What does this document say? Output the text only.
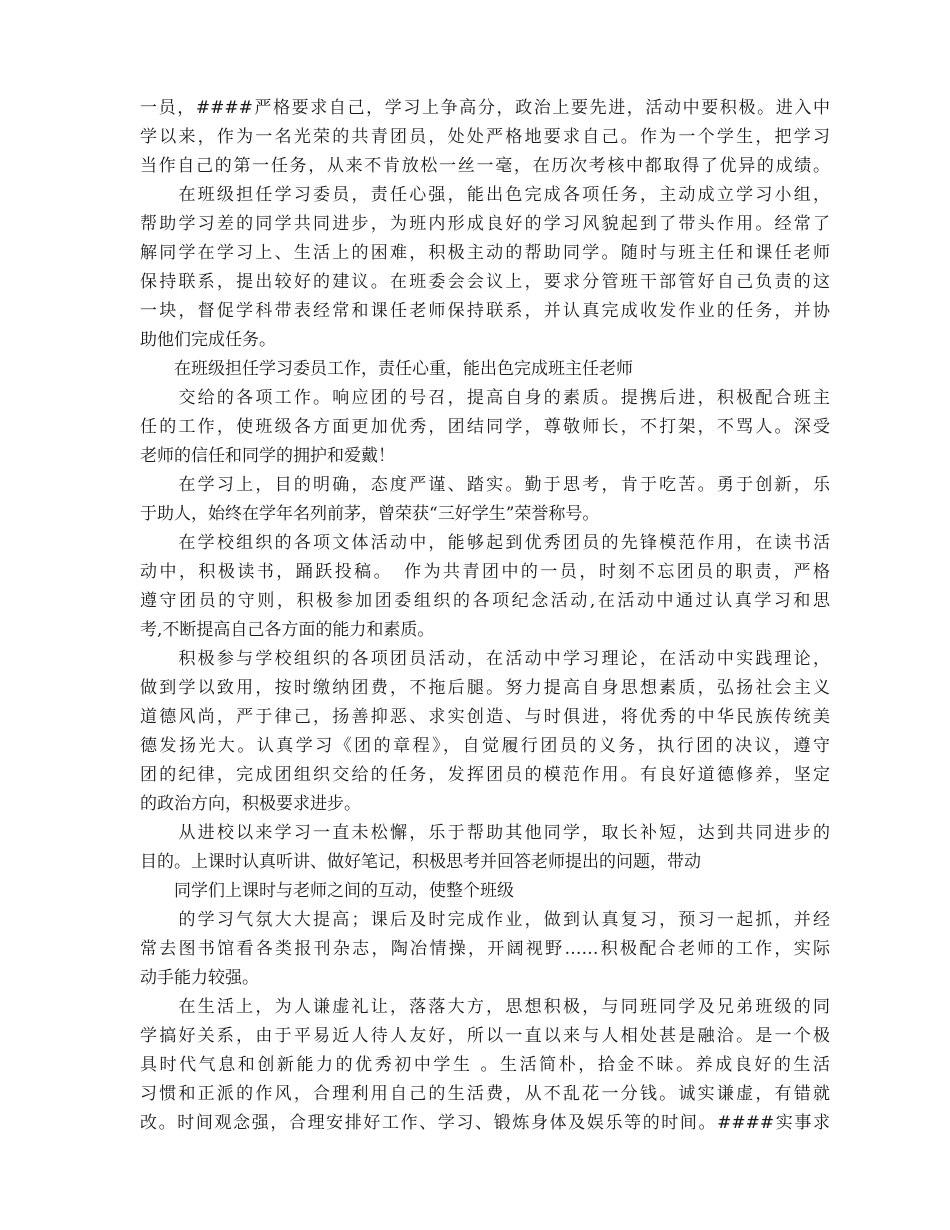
一员，####严格要求自己，学习上争高分，政治上要先进，活动中要积极。进入中
学以来，作为一名光荣的共青团员，处处严格地要求自己。作为一个学生，把学习
当作自己的第一任务，从来不肯放松一丝一毫，在历次考核中都取得了优异的成绩。
　　在班级担任学习委员，责任心强，能出色完成各项任务，主动成立学习小组，
帮助学习差的同学共同进步，为班内形成良好的学习风貌起到了带头作用。经常了
解同学在学习上、生活上的困难，积极主动的帮助同学。随时与班主任和课任老师
保持联系，提出较好的建议。在班委会会议上，要求分管班干部管好自己负责的这
一块，督促学科带表经常和课任老师保持联系，并认真完成收发作业的任务，并协
助他们完成任务。
　　在班级担任学习委员工作，责任心重，能出色完成班主任老师
　　交给的各项工作。响应团的号召，提高自身的素质。提携后进，积极配合班主
任的工作，使班级各方面更加优秀，团结同学，尊敬师长，不打架，不骂人。深受
老师的信任和同学的拥护和爱戴！
　　在学习上，目的明确，态度严谨、踏实。勤于思考，肯于吃苦。勇于创新，乐
于助人，始终在学年名列前茅，曾荣获“三好学生”荣誉称号。
　　在学校组织的各项文体活动中，能够起到优秀团员的先锋模范作用，在读书活
动中，积极读书，踊跃投稿。　作为共青团中的一员，时刻不忘团员的职责，严格
遵守团员的守则，积极参加团委组织的各项纪念活动,在活动中通过认真学习和思
考,不断提高自己各方面的能力和素质。
　　积极参与学校组织的各项团员活动，在活动中学习理论，在活动中实践理论，
做到学以致用，按时缴纳团费，不拖后腿。努力提高自身思想素质，弘扬社会主义
道德风尚，严于律己，扬善抑恶、求实创造、与时俱进，将优秀的中华民族传统美
德发扬光大。认真学习《团的章程》，自觉履行团员的义务，执行团的决议，遵守
团的纪律，完成团组织交给的任务，发挥团员的模范作用。有良好道德修养，坚定
的政治方向，积极要求进步。
　　从进校以来学习一直未松懈，乐于帮助其他同学，取长补短，达到共同进步的
目的。上课时认真听讲、做好笔记，积极思考并回答老师提出的问题，带动
　　同学们上课时与老师之间的互动，使整个班级
　　的学习气氛大大提高；课后及时完成作业，做到认真复习，预习一起抓，并经
常去图书馆看各类报刊杂志，陶冶情操，开阔视野……积极配合老师的工作，实际
动手能力较强。
　　在生活上，为人谦虚礼让，落落大方，思想积极，与同班同学及兄弟班级的同
学搞好关系，由于平易近人待人友好，所以一直以来与人相处甚是融洽。是一个极
具时代气息和创新能力的优秀初中学生 。生活简朴，拾金不昧。养成良好的生活
习惯和正派的作风，合理利用自己的生活费，从不乱花一分钱。诚实谦虚，有错就
改。时间观念强，合理安排好工作、学习、锻炼身体及娱乐等的时间。####实事求
